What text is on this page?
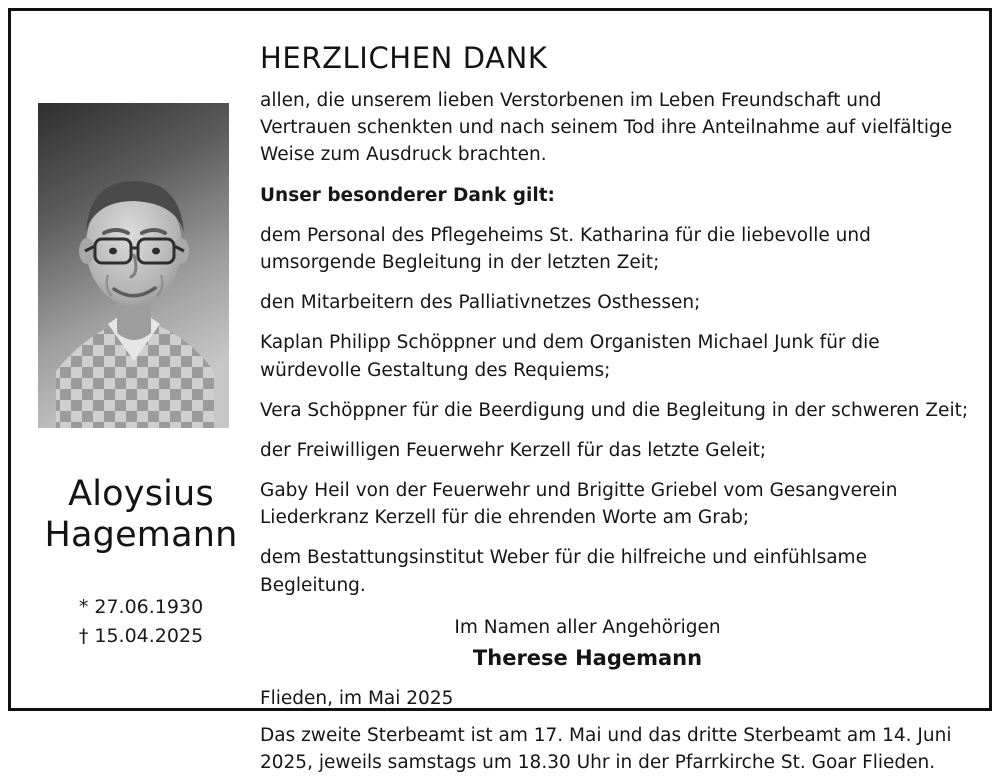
Aloysius
Hagemann
* 27.06.1930
† 15.04.2025
HERZLICHEN DANK

allen, die unserem lieben Verstorbenen im Leben Freundschaft und Vertrauen schenkten und nach seinem Tod ihre Anteilnahme auf vielfältige Weise zum Ausdruck brachten.

Unser besonderer Dank gilt:

dem Personal des Pflegeheims St. Katharina für die liebevolle und umsorgende Begleitung in der letzten Zeit;

den Mitarbeitern des Palliativnetzes Osthessen;

Kaplan Philipp Schöppner und dem Organisten Michael Junk für die würdevolle Gestaltung des Requiems;

Vera Schöppner für die Beerdigung und die Begleitung in der schweren Zeit;

der Freiwilligen Feuerwehr Kerzell für das letzte Geleit;

Gaby Heil von der Feuerwehr und Brigitte Griebel vom Gesangverein Liederkranz Kerzell für die ehrenden Worte am Grab;

dem Bestattungsinstitut Weber für die hilfreiche und einfühlsame Begleitung.

Im Namen aller Angehörigen
Therese Hagemann
Flieden, im Mai 2025
Das zweite Sterbeamt ist am 17. Mai und das dritte Sterbeamt am 14. Juni 2025, jeweils samstags um 18.30 Uhr in der Pfarrkirche St. Goar Flieden.
